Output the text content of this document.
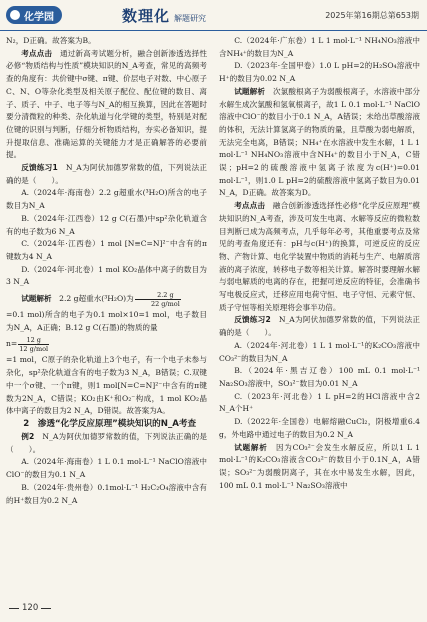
化学园	数理化 解题研究	2025年第16期总第653期

N₂，D正确。故答案为B。

考点点击　 通过新高考试题分析，融合创新渗透选择性必修“物质结构与性质”模块知识的N_A考查，常见的高频考查的角度有：共价键中σ键、π键、价层电子对数、中心原子C、N、O等杂化类型及相关原子配位、配位键的数目、离子、质子、中子、电子等与N_A的相互换算，因此在答题时要分清微粒的种类、杂化轨道与化学键的类型，特别是对配位键的识别与判断，仔细分析物质结构，夯实必备知识，提升提取信息、准确运算的关键能力才是正确解答的必要前提。

反馈练习1　 N_A为阿伏加德罗常数的值，下列说法正确的是（　　）。

A.（2024年·海南卷）2.2 g超重水(³H₂O)所含的电子数目为N_A

B.（2024年·江西卷）12 g C(石墨)中sp²杂化轨道含有的电子数为6 N_A

C.（2024年·江西卷）1 mol [N≡C=N]²⁻中含有的π键数为4 N_A

D.（2024年·河北卷）1 mol KO₂晶体中离子的数目为3 N_A

试题解析　 2.2 g超重水(³H₂O)为 $\frac{2.2 g}{\text{22 g/mol}}$

=0.1 mol)所含的电子为0.1 mol×10=1 mol，电子数目为N_A，A正确；B.12 g C(石墨)的物质的量

$n= \frac{12 g}{\text{12 g/mol}}$

=1 mol，C原子的杂化轨道上3个电子，有一个电子未参与杂化，sp²杂化轨道含有的电子数为3 N_A，B错误；C.双键中一个σ键、一个π键，则1 mol[N=C=N]²⁻中含有的π键数为2N_A，C错误；KO₂由K⁺和O₂⁻构成，1 mol KO₂晶体中离子的数目为2 N_A，D错误。故答案为A。

2　渗透“化学反应原理”模块知识的N_A考查

例2　 N_A为阿伏加德罗常数的值，下列说法正确的是（　　）。

A.（2024年·海南卷）1 L 0.1 mol·L⁻¹ NaClO溶液中ClO⁻的数目为0.1 N_A

B.（2024年·贵州卷）0.1mol·L⁻¹ H₂C₂O₄溶液中含有的H⁺数目为0.2 N_A

C.（2024年·广东卷）1 L 1 mol·L⁻¹ NH₄NO₃溶液中含NH₄⁺的数目为N_A

D.（2023年·全国甲卷）1.0 L pH=2的H₂SO₄溶液中H⁺的数目为0.02 N_A

试题解析　 次氯酸根离子为弱酸根离子，水溶液中部分水解生成次氯酸和氢氧根离子，故1 L 0.1 mol·L⁻¹ NaClO溶液中ClO⁻的数目小于0.1 N_A，A错误；未给出草酸溶液的体积，无法计算氢离子的物质的量，且草酸为弱电解质，无法完全电离，B错误；NH₄⁺在水溶液中发生水解，1 L 1 mol·L⁻¹ NH₄NO₃溶液中含NH₄⁺的数目小于N_A，C错误；pH=2的硫酸溶液中氢离子浓度为c(H⁺)=0.01 mol·L⁻¹，则1.0 L pH=2的硫酸溶液中氢离子数目为0.01 N_A，D正确。故答案为D。

考点点击　 融合创新渗透选择性必修“化学反应原理”模块知识的N_A考查，涉及可发生电离、水解等反应的微粒数目判断已成为高频考点，几乎每年必考，其他重要考点及常见的考查角度还有：pH与c(H⁺)的换算，可逆反应的反应物、产物计算、电化学装置中物质的消耗与生产、电解质溶液的离子浓度，转移电子数等相关计算。解答时要理解水解与弱电解质的电离的存在，把握可逆反应的特征，会准确书写电极反应式，迁移应用电荷守恒、电子守恒、元素守恒、质子守恒等相关原理将会事半功倍。

反馈练习2　 N_A为阿伏加德罗常数的值，下列说法正确的是（　　）。

A.（2024年·河北卷）1 L 1 mol·L⁻¹的K₂CO₃溶液中CO₃²⁻的数目为N_A

B.（2024年·黑吉辽卷）100 mL 0.1 mol·L⁻¹ Na₂SO₃溶液中，SO₃²⁻数目为0.01 N_A

C.（2023年·河北卷）1 L pH=2的HCl溶液中含2 N_A个H⁺

D.（2022年·全国卷）电解熔融CuCl₂，阴极增重6.4 g，外电路中通过电子的数目为0.2 N_A

试题解析　 因为CO₃²⁻会发生水解反应，所以1 L 1 mol·L⁻¹的K₂CO₃溶液含CO₃²⁻的数目小于0.1N_A，A错误；SO₃²⁻为弱酸阴离子，其在水中易发生水解，因此，100 mL 0.1 mol·L⁻¹ Na₂SO₃溶液中

120
